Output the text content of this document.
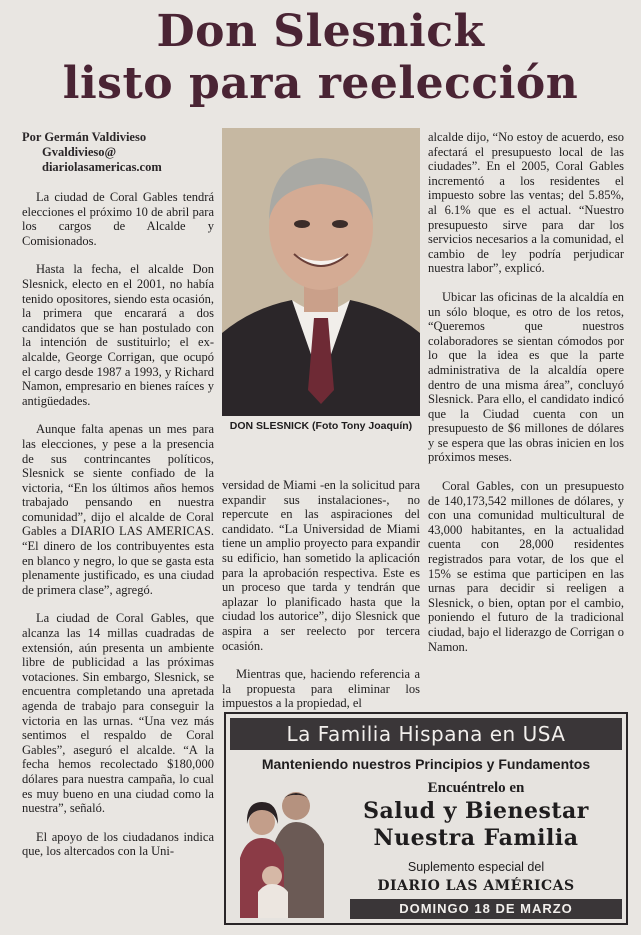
Don Slesnick
listo para reelección
Por Germán Valdivieso
Gvaldivieso@
diariolasamericas.com

La ciudad de Coral Gables tendrá elecciones el próximo 10 de abril para los cargos de Alcalde y Comisionados.

Hasta la fecha, el alcalde Don Slesnick, electo en el 2001, no había tenido opositores, siendo esta ocasión, la primera que encarará a dos candidatos que se han postulado con la intención de sustituirlo; el ex-alcalde, George Corrigan, que ocupó el cargo desde 1987 a 1993, y Richard Namon, empresario en bienes raíces y antigüedades.

Aunque falta apenas un mes para las elecciones, y pese a la presencia de sus contrincantes políticos, Slesnick se siente confiado de la victoria, “En los últimos años hemos trabajado pensando en nuestra comunidad”, dijo el alcalde de Coral Gables a DIARIO LAS AMERICAS. “El dinero de los contribuyentes esta en blanco y negro, lo que se gasta esta plenamente justificado, es una ciudad de primera clase”, agregó.

La ciudad de Coral Gables, que alcanza las 14 millas cuadradas de extensión, aún presenta un ambiente libre de publicidad a las próximas votaciones. Sin embargo, Slesnick, se encuentra completando una apretada agenda de trabajo para conseguir la victoria en las urnas. “Una vez más sentimos el respaldo de Coral Gables”, aseguró el alcalde. “A la fecha hemos recolectado $180,000 dólares para nuestra campaña, lo cual es muy bueno en una ciudad como la nuestra”, señaló.

El apoyo de los ciudadanos indica que, los altercados con la Uni-

DON SLESNICK (Foto Tony Joaquín)

versidad de Miami -en la solicitud para expandir sus instalaciones-, no repercute en las aspiraciones del candidato. “La Universidad de Miami tiene un amplio proyecto para expandir su edificio, han sometido la aplicación para la aprobación respectiva. Este es un proceso que tarda y tendrán que aplazar lo planificado hasta que la ciudad los autorice”, dijo Slesnick que aspira a ser reelecto por tercera ocasión.

Mientras que, haciendo referencia a la propuesta para eliminar los impuestos a la propiedad, el

alcalde dijo, “No estoy de acuerdo, eso afectará el presupuesto local de las ciudades”. En el 2005, Coral Gables incrementó a los residentes el impuesto sobre las ventas; del 5.85%, al 6.1% que es el actual. “Nuestro presupuesto sirve para dar los servicios necesarios a la comunidad, el cambio de ley podría perjudicar nuestra labor”, explicó.

Ubicar las oficinas de la alcaldía en un sólo bloque, es otro de los retos, “Queremos que nuestros colaboradores se sientan cómodos por lo que la idea es que la parte administrativa de la alcaldía opere dentro de una misma área”, concluyó Slesnick. Para ello, el candidato indicó que la Ciudad cuenta con un presupuesto de $6 millones de dólares y se espera que las obras inicien en los próximos meses.

Coral Gables, con un presupuesto de 140,173,542 millones de dólares, y con una comunidad multicultural de 43,000 habitantes, en la actualidad cuenta con 28,000 residentes registrados para votar, de los que el 15% se estima que participen en las urnas para decidir si reeligen a Slesnick, o bien, optan por el cambio, poniendo el futuro de la tradicional ciudad, bajo el liderazgo de Corrigan o Namon.

La Familia Hispana en USA
Manteniendo nuestros Principios y Fundamentos
Encuéntrelo en
Salud y Bienestar
Nuestra Familia
Suplemento especial del
DIARIO LAS AMÉRICAS
DOMINGO 18 DE MARZO
